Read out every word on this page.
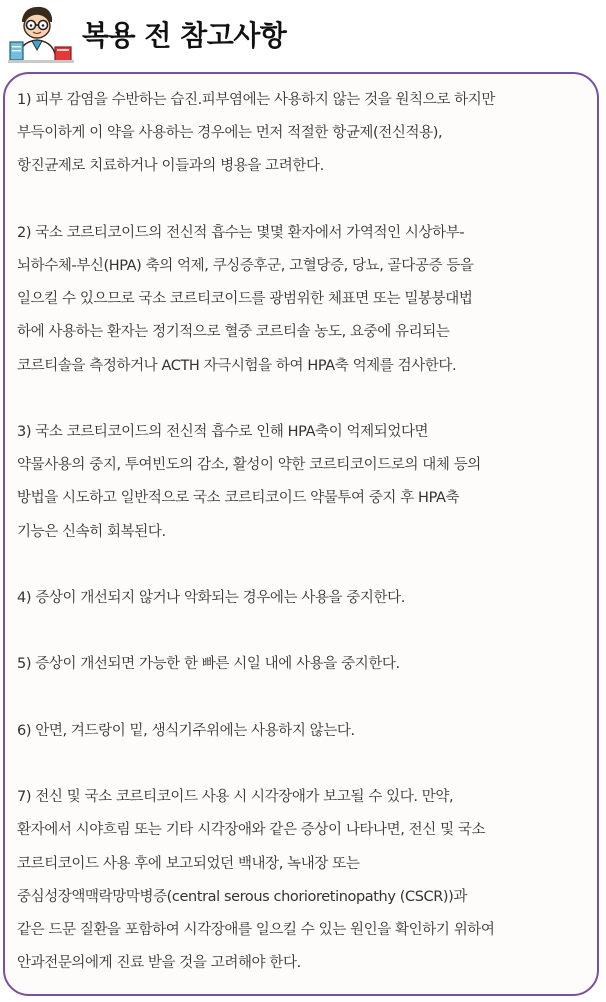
복용 전 참고사항
1) 피부 감염을 수반하는 습진.피부염에는 사용하지 않는 것을 원칙으로 하지만
부득이하게 이 약을 사용하는 경우에는 먼저 적절한 항균제(전신적용),
항진균제로 치료하거나 이들과의 병용을 고려한다.
2) 국소 코르티코이드의 전신적 흡수는 몇몇 환자에서 가역적인 시상하부-
뇌하수체-부신(HPA) 축의 억제, 쿠싱증후군, 고혈당증, 당뇨, 골다공증 등을
일으킬 수 있으므로 국소 코르티코이드를 광범위한 체표면 또는 밀봉붕대법
하에 사용하는 환자는 정기적으로 혈중 코르티솔 농도, 요중에 유리되는
코르티솔을 측정하거나 ACTH 자극시험을 하여 HPA축 억제를 검사한다.
3) 국소 코르티코이드의 전신적 흡수로 인해 HPA축이 억제되었다면
약물사용의 중지, 투여빈도의 감소, 활성이 약한 코르티코이드로의 대체 등의
방법을 시도하고 일반적으로 국소 코르티코이드 약물투여 중지 후 HPA축
기능은 신속히 회복된다.
4) 증상이 개선되지 않거나 악화되는 경우에는 사용을 중지한다.
5) 증상이 개선되면 가능한 한 빠른 시일 내에 사용을 중지한다.
6) 안면, 겨드랑이 밑, 생식기주위에는 사용하지 않는다.
7) 전신 및 국소 코르티코이드 사용 시 시각장애가 보고될 수 있다. 만약,
환자에서 시야흐림 또는 기타 시각장애와 같은 증상이 나타나면, 전신 및 국소
코르티코이드 사용 후에 보고되었던 백내장, 녹내장 또는
중심성장액맥락망막병증(central serous chorioretinopathy (CSCR))과
같은 드문 질환을 포함하여 시각장애를 일으킬 수 있는 원인을 확인하기 위하여
안과전문의에게 진료 받을 것을 고려해야 한다.
